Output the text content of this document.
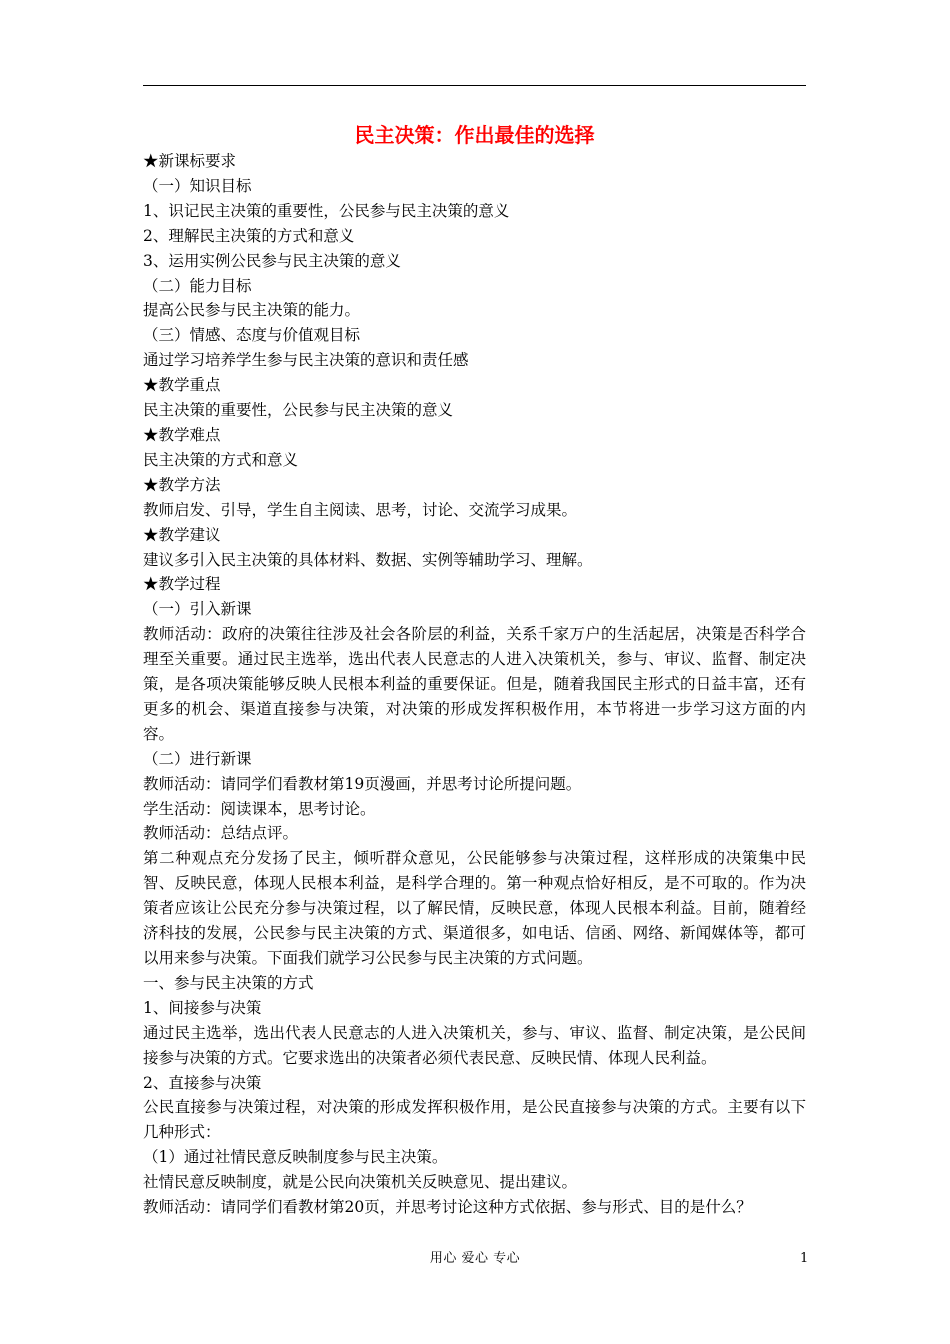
民主决策：作出最佳的选择

★新课标要求

（一）知识目标

1、识记民主决策的重要性，公民参与民主决策的意义

2、理解民主决策的方式和意义

3、运用实例公民参与民主决策的意义

（二）能力目标

提高公民参与民主决策的能力。

（三）情感、态度与价值观目标

通过学习培养学生参与民主决策的意识和责任感

★教学重点

民主决策的重要性，公民参与民主决策的意义

★教学难点

民主决策的方式和意义

★教学方法

教师启发、引导，学生自主阅读、思考，讨论、交流学习成果。

★教学建议

建议多引入民主决策的具体材料、数据、实例等辅助学习、理解。

★教学过程

（一）引入新课

教师活动：政府的决策往往涉及社会各阶层的利益，关系千家万户的生活起居，决策是否科学合理至关重要。通过民主选举，选出代表人民意志的人进入决策机关，参与、审议、监督、制定决策，是各项决策能够反映人民根本利益的重要保证。但是，随着我国民主形式的日益丰富，还有更多的机会、渠道直接参与决策，对决策的形成发挥积极作用，本节将进一步学习这方面的内容。

（二）进行新课

教师活动：请同学们看教材第19页漫画，并思考讨论所提问题。

学生活动：阅读课本，思考讨论。

教师活动：总结点评。

第二种观点充分发扬了民主，倾听群众意见，公民能够参与决策过程，这样形成的决策集中民智、反映民意，体现人民根本利益，是科学合理的。第一种观点恰好相反，是不可取的。作为决策者应该让公民充分参与决策过程，以了解民情，反映民意，体现人民根本利益。目前，随着经济科技的发展，公民参与民主决策的方式、渠道很多，如电话、信函、网络、新闻媒体等，都可以用来参与决策。下面我们就学习公民参与民主决策的方式问题。

一、参与民主决策的方式

1、间接参与决策

通过民主选举，选出代表人民意志的人进入决策机关，参与、审议、监督、制定决策，是公民间接参与决策的方式。它要求选出的决策者必须代表民意、反映民情、体现人民利益。

2、直接参与决策

公民直接参与决策过程，对决策的形成发挥积极作用，是公民直接参与决策的方式。主要有以下几种形式：

（1）通过社情民意反映制度参与民主决策。

社情民意反映制度，就是公民向决策机关反映意见、提出建议。

教师活动：请同学们看教材第20页，并思考讨论这种方式依据、参与形式、目的是什么？

用心 爱心 专心	1
